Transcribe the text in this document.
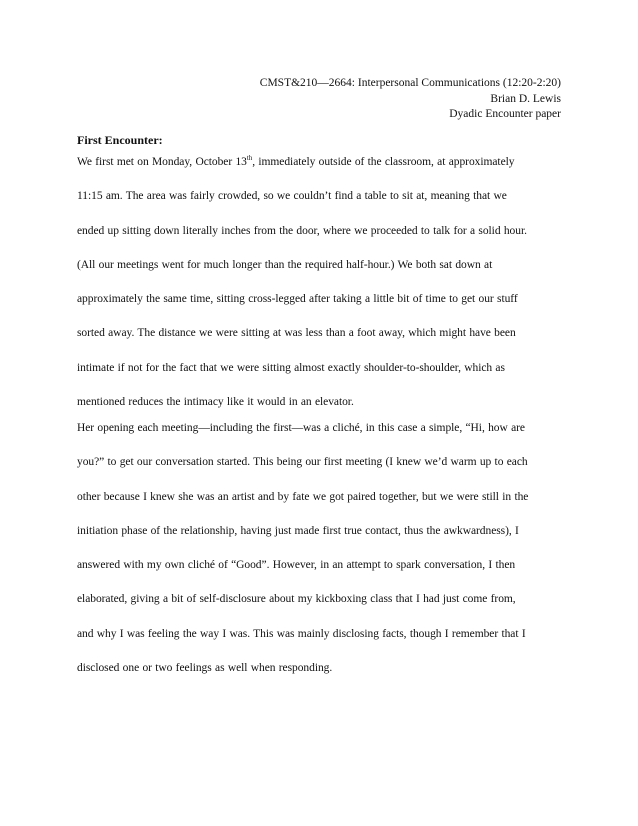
CMST&210—2664: Interpersonal Communications (12:20-2:20)
Brian D. Lewis
Dyadic Encounter paper
First Encounter:
We first met on Monday, October 13th, immediately outside of the classroom, at approximately
11:15 am. The area was fairly crowded, so we couldn’t find a table to sit at, meaning that we
ended up sitting down literally inches from the door, where we proceeded to talk for a solid hour.
(All our meetings went for much longer than the required half-hour.) We both sat down at
approximately the same time, sitting cross-legged after taking a little bit of time to get our stuff
sorted away. The distance we were sitting at was less than a foot away, which might have been
intimate if not for the fact that we were sitting almost exactly shoulder-to-shoulder, which as
mentioned reduces the intimacy like it would in an elevator.
Her opening each meeting—including the first—was a cliché, in this case a simple, “Hi, how are
you?” to get our conversation started. This being our first meeting (I knew we’d warm up to each
other because I knew she was an artist and by fate we got paired together, but we were still in the
initiation phase of the relationship, having just made first true contact, thus the awkwardness), I
answered with my own cliché of “Good”. However, in an attempt to spark conversation, I then
elaborated, giving a bit of self-disclosure about my kickboxing class that I had just come from,
and why I was feeling the way I was. This was mainly disclosing facts, though I remember that I
disclosed one or two feelings as well when responding.
